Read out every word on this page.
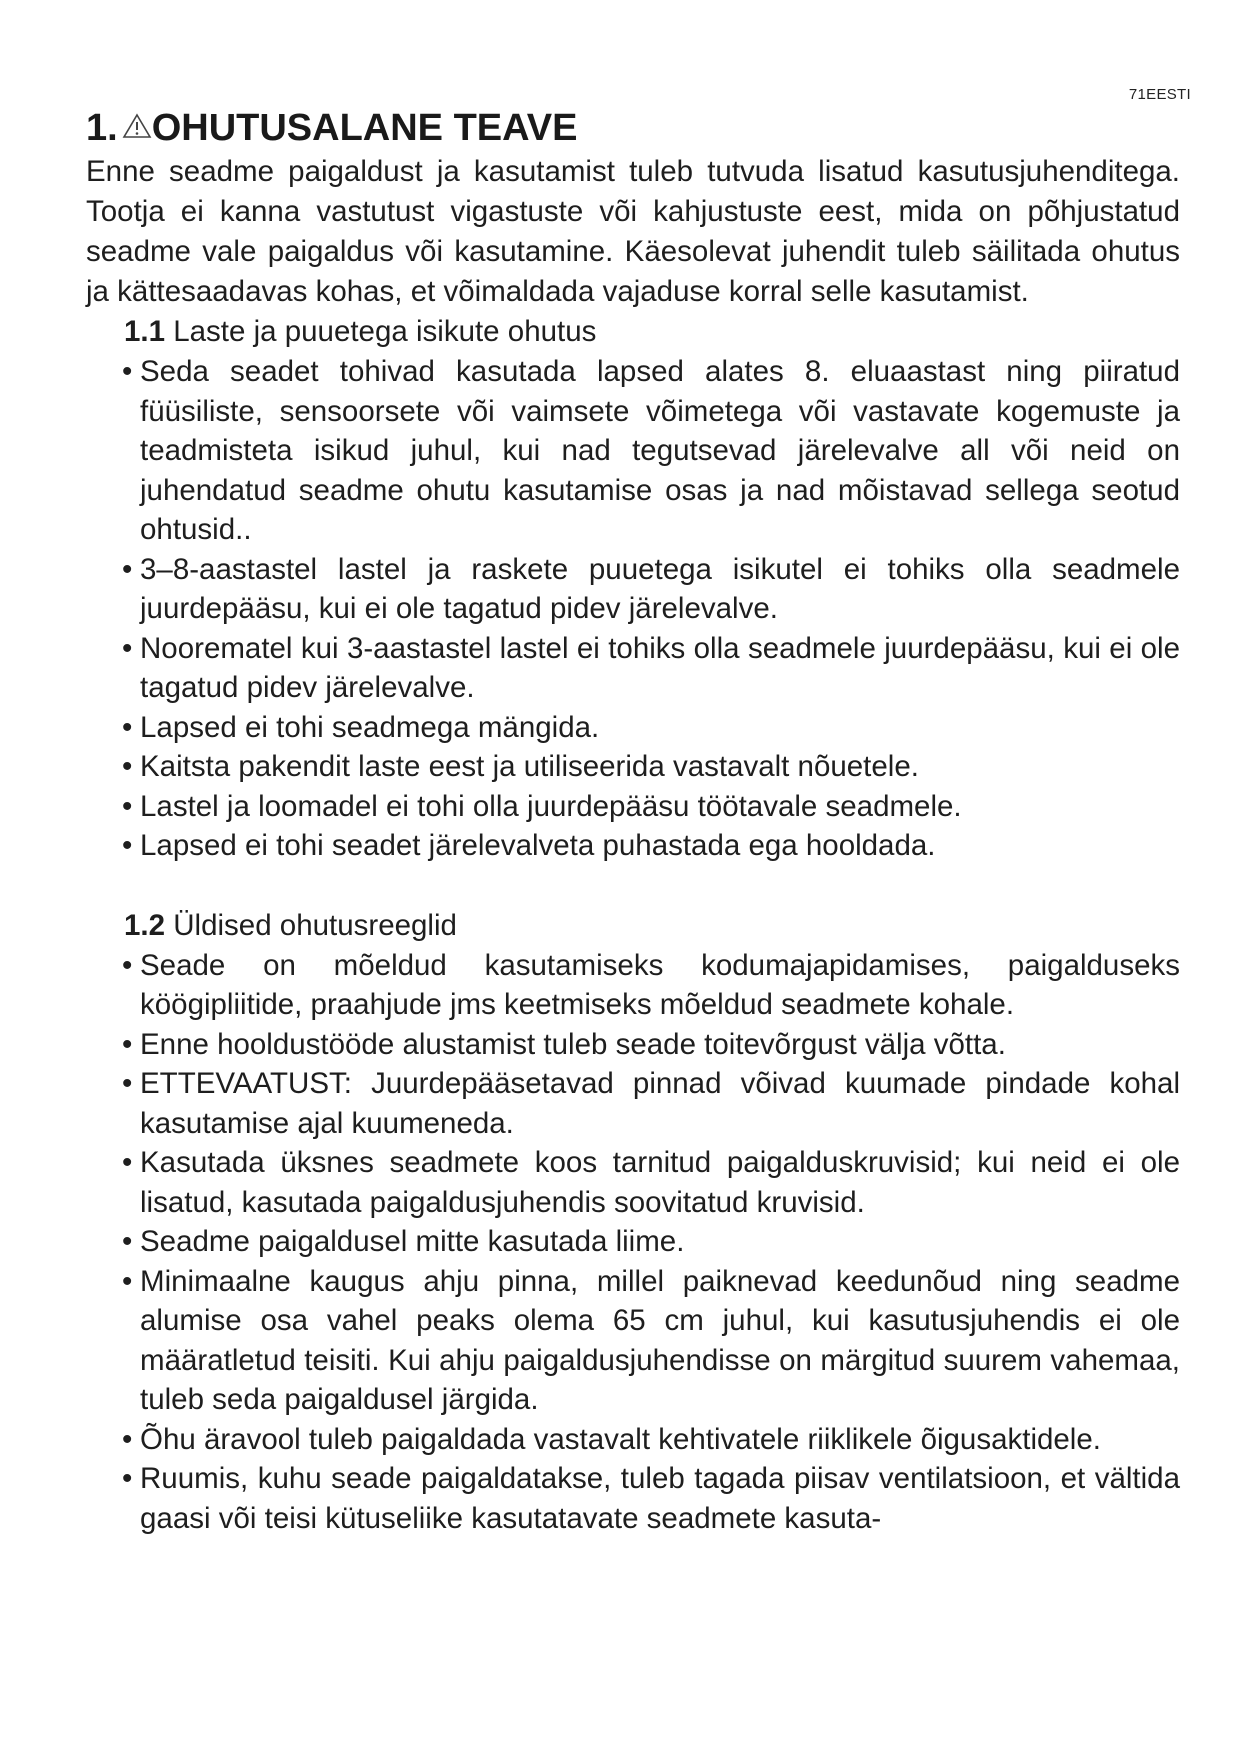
71EESTI
1. OHUTUSALANE TEAVE

Enne seadme paigaldust ja kasutamist tuleb tutvuda lisatud kasutusjuhenditega. Tootja ei kanna vastutust vigastuste või kahjustuste eest, mida on põhjustatud seadme vale paigaldus või kasutamine. Käesolevat juhendit tuleb säilitada ohutus ja kättesaadavas kohas, et võimaldada vajaduse korral selle kasutamist.

1.1 Laste ja puuetega isikute ohutus
• Seda seadet tohivad kasutada lapsed alates 8. eluaastast ning piiratud füüsiliste, sensoorsete või vaimsete võimetega või vastavate kogemuste ja teadmisteta isikud juhul, kui nad tegutsevad järelevalve all või neid on juhendatud seadme ohutu kasutamise osas ja nad mõistavad sellega seotud ohtusid..
• 3–8-aastastel lastel ja raskete puuetega isikutel ei tohiks olla seadmele juurdepääsu, kui ei ole tagatud pidev järelevalve.
• Noorematel kui 3-aastastel lastel ei tohiks olla seadmele juurdepääsu, kui ei ole tagatud pidev järelevalve.
• Lapsed ei tohi seadmega mängida.
• Kaitsta pakendit laste eest ja utiliseerida vastavalt nõuetele.
• Lastel ja loomadel ei tohi olla juurdepääsu töötavale seadmele.
• Lapsed ei tohi seadet järelevalveta puhastada ega hooldada.
1.2 Üldised ohutusreeglid
• Seade on mõeldud kasutamiseks kodumajapidamises, paigalduseks köögipliitide, praahjude jms keetmiseks mõeldud seadmete kohale.
• Enne hooldustööde alustamist tuleb seade toitevõrgust välja võtta.
• ETTEVAATUST: Juurdepääsetavad pinnad võivad kuumade pindade kohal kasutamise ajal kuumeneda.
• Kasutada üksnes seadmete koos tarnitud paigalduskruvisid; kui neid ei ole lisatud, kasutada paigaldusjuhendis soovitatud kruvisid.
• Seadme paigaldusel mitte kasutada liime.
• Minimaalne kaugus ahju pinna, millel paiknevad keedunõud ning seadme alumise osa vahel peaks olema 65 cm juhul, kui kasutusjuhendis ei ole määratletud teisiti. Kui ahju paigaldusjuhendisse on märgitud suurem vahemaa, tuleb seda paigaldusel järgida.
• Õhu äravool tuleb paigaldada vastavalt kehtivatele riiklikele õigusaktidele.
• Ruumis, kuhu seade paigaldatakse, tuleb tagada piisav ventilatsioon, et vältida gaasi või teisi kütuseliike kasutatavate seadmete kasuta-
